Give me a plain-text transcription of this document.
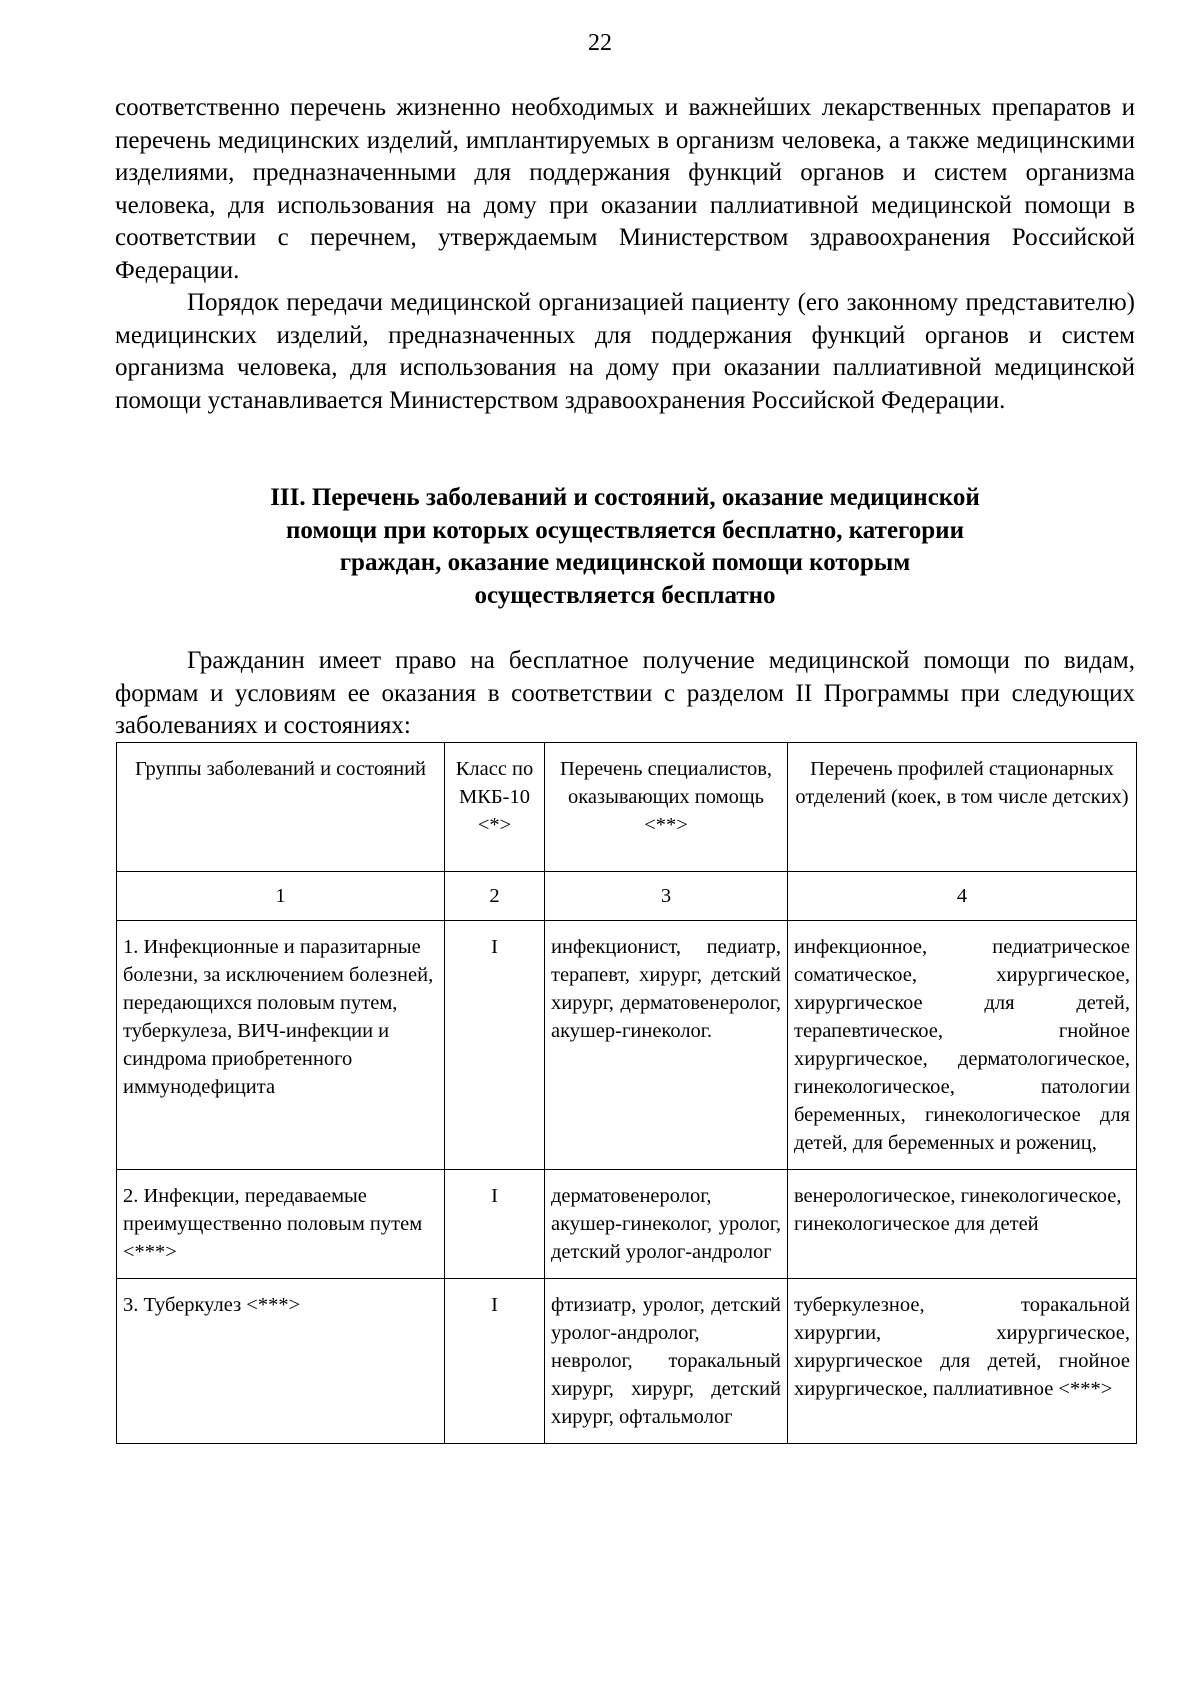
22

соответственно перечень жизненно необходимых и важнейших лекарственных препаратов и перечень медицинских изделий, имплантируемых в организм человека, а также медицинскими изделиями, предназначенными для поддержания функций органов и систем организма человека, для использования на дому при оказании паллиативной медицинской помощи в соответствии с перечнем, утверждаемым Министерством здравоохранения Российской Федерации.

Порядок передачи медицинской организацией пациенту (его законному представителю) медицинских изделий, предназначенных для поддержания функций органов и систем организма человека, для использования на дому при оказании паллиативной медицинской помощи устанавливается Министерством здравоохранения Российской Федерации.

III. Перечень заболеваний и состояний, оказание медицинской
помощи при которых осуществляется бесплатно, категории
граждан, оказание медицинской помощи которым
осуществляется бесплатно

Гражданин имеет право на бесплатное получение медицинской помощи по видам, формам и условиям ее оказания в соответствии с разделом II Программы при следующих заболеваниях и состояниях:

Группы заболеваний и состояний	Класс по МКБ-10 <*>	Перечень специалистов, оказывающих помощь <**>	Перечень профилей стационарных отделений (коек, в том числе детских)
1	2	3	4
1. Инфекционные и паразитарные болезни, за исключением болезней, передающихся половым путем, туберкулеза, ВИЧ-инфекции и синдрома приобретенного иммунодефицита	I	инфекционист, педиатр, терапевт, хирург, детский хирург, дерматовенеролог, акушер-гинеколог.	инфекционное, педиатрическое соматическое, хирургическое, хирургическое для детей, терапевтическое, гнойное хирургическое, дерматологическое, гинекологическое, патологии беременных, гинекологическое для детей, для беременных и рожениц,
2. Инфекции, передаваемые преимущественно половым путем <***>	I	дерматовенеролог, акушер-гинеколог, уролог, детский уролог-андролог	венерологическое, гинекологическое, гинекологическое для детей
3. Туберкулез <***>	I	фтизиатр, уролог, детский уролог-андролог, невролог, торакальный хирург, хирург, детский хирург, офтальмолог	туберкулезное, торакальной хирургии, хирургическое, хирургическое для детей, гнойное хирургическое, паллиативное <***>
